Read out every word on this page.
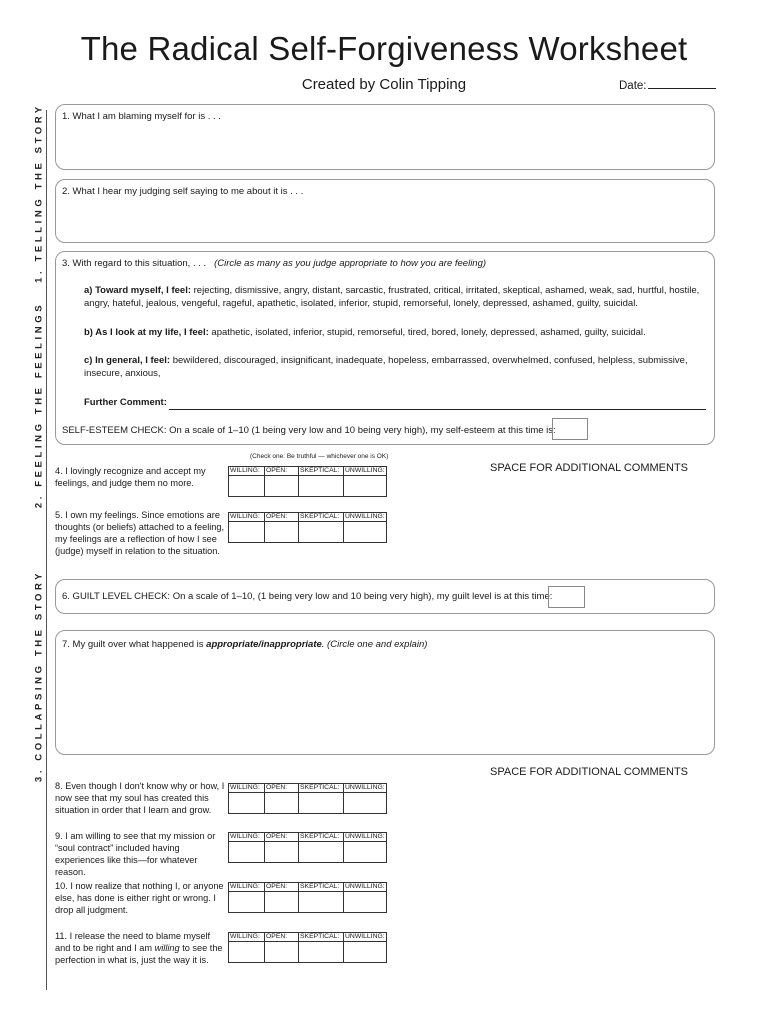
The Radical Self-Forgiveness Worksheet
Created by Colin Tipping	Date:
1. TELLING THE STORY
2. FEELING THE FEELINGS
3. COLLAPSING THE STORY
1. What I am blaming myself for is . . .
2. What I hear my judging self saying to me about it is . . .
3. With regard to this situation, . . . (Circle as many as you judge appropriate to how you are feeling)
a) Toward myself, I feel: rejecting, dismissive, angry, distant, sarcastic, frustrated, critical, irritated, skeptical, ashamed, weak, sad, hurtful, hostile, angry, hateful, jealous, vengeful, rageful, apathetic, isolated, inferior, stupid, remorseful, lonely, depressed, ashamed, guilty, suicidal.
b) As I look at my life, I feel: apathetic, isolated, inferior, stupid, remorseful, tired, bored, lonely, depressed, ashamed, guilty, suicidal.
c) In general, I feel: bewildered, discouraged, insignificant, inadequate, hopeless, embarrassed, overwhelmed, confused, helpless, submissive, insecure, anxious,
Further Comment:
SELF-ESTEEM CHECK: On a scale of 1–10 (1 being very low and 10 being very high), my self-esteem at this time is:
(Check one: Be truthful — whichever one is OK)
4. I lovingly recognize and accept my feelings, and judge them no more.
WILLING:	OPEN:	SKEPTICAL:	UNWILLING:
				SPACE FOR ADDITIONAL COMMENTS
5. I own my feelings. Since emotions are thoughts (or beliefs) attached to a feeling, my feelings are a reflection of how I see (judge) myself in relation to the situation.
WILLING:	OPEN:	SKEPTICAL:	UNWILLING:

6. GUILT LEVEL CHECK: On a scale of 1–10, (1 being very low and 10 being very high), my guilt level is at this time:
7. My guilt over what happened is appropriate/inappropriate. (Circle one and explain)
SPACE FOR ADDITIONAL COMMENTS
8. Even though I don't know why or how, I now see that my soul has created this situation in order that I learn and grow.
WILLING:	OPEN:	SKEPTICAL:	UNWILLING:

9. I am willing to see that my mission or “soul contract” included having experiences like this—for whatever reason.
WILLING:	OPEN:	SKEPTICAL:	UNWILLING:

10. I now realize that nothing I, or anyone else, has done is either right or wrong. I drop all judgment.
WILLING:	OPEN:	SKEPTICAL:	UNWILLING:

11. I release the need to blame myself and to be right and I am willing to see the perfection in what is, just the way it is.
WILLING:	OPEN:	SKEPTICAL:	UNWILLING:
